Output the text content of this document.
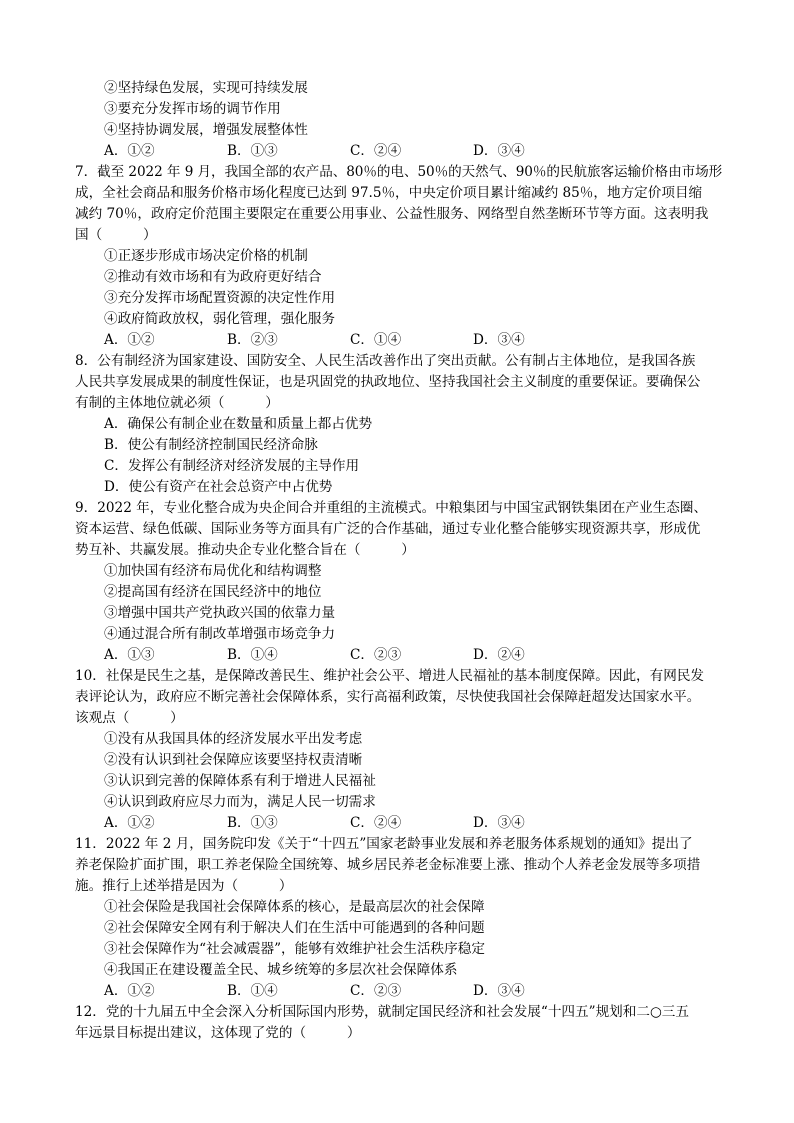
②坚持绿色发展，实现可持续发展
③要充分发挥市场的调节作用
④坚持协调发展，增强发展整体性
A．①②	B．①③	C．②④	D．③④
7．截至 2022 年 9 月，我国全部的农产品、80％的电、50％的天然气、90％的民航旅客运输价格由市场形
成，全社会商品和服务价格市场化程度已达到 97.5％，中央定价项目累计缩减约 85％，地方定价项目缩
减约 70％，政府定价范围主要限定在重要公用事业、公益性服务、网络型自然垄断环节等方面。这表明我
国（　　　）
①正逐步形成市场决定价格的机制
②推动有效市场和有为政府更好结合
③充分发挥市场配置资源的决定性作用
④政府简政放权，弱化管理，强化服务
A．①②	B．②③	C．①④	D．③④
8．公有制经济为国家建设、国防安全、人民生活改善作出了突出贡献。公有制占主体地位，是我国各族
人民共享发展成果的制度性保证，也是巩固党的执政地位、坚持我国社会主义制度的重要保证。要确保公
有制的主体地位就必须（　　　）
A．确保公有制企业在数量和质量上都占优势
B．使公有制经济控制国民经济命脉
C．发挥公有制经济对经济发展的主导作用
D．使公有资产在社会总资产中占优势
9．2022 年，专业化整合成为央企间合并重组的主流模式。中粮集团与中国宝武钢铁集团在产业生态圈、
资本运营、绿色低碳、国际业务等方面具有广泛的合作基础，通过专业化整合能够实现资源共享，形成优
势互补、共赢发展。推动央企专业化整合旨在（　　　）
①加快国有经济布局优化和结构调整
②提高国有经济在国民经济中的地位
③增强中国共产党执政兴国的依靠力量
④通过混合所有制改革增强市场竞争力
A．①③	B．①④	C．②③	D．②④
10．社保是民生之基，是保障改善民生、维护社会公平、增进人民福祉的基本制度保障。因此，有网民发
表评论认为，政府应不断完善社会保障体系，实行高福利政策，尽快使我国社会保障赶超发达国家水平。
该观点（　　　）
①没有从我国具体的经济发展水平出发考虑
②没有认识到社会保障应该要坚持权责清晰
③认识到完善的保障体系有利于增进人民福祉
④认识到政府应尽力而为，满足人民一切需求
A．①②	B．①③	C．②④	D．③④
11．2022 年 2 月，国务院印发《关于“十四五”国家老龄事业发展和养老服务体系规划的通知》提出了
养老保险扩面扩围，职工养老保险全国统筹、城乡居民养老金标准要上涨、推动个人养老金发展等多项措
施。推行上述举措是因为（　　　）
①社会保险是我国社会保障体系的核心，是最高层次的社会保障
②社会保障安全网有利于解决人们在生活中可能遇到的各种问题
③社会保障作为“社会减震器”，能够有效维护社会生活秩序稳定
④我国正在建设覆盖全民、城乡统筹的多层次社会保障体系
A．①②	B．①④	C．②③	D．③④
12．党的十九届五中全会深入分析国际国内形势，就制定国民经济和社会发展“十四五”规划和二○三五
年远景目标提出建议，这体现了党的（　　　）
